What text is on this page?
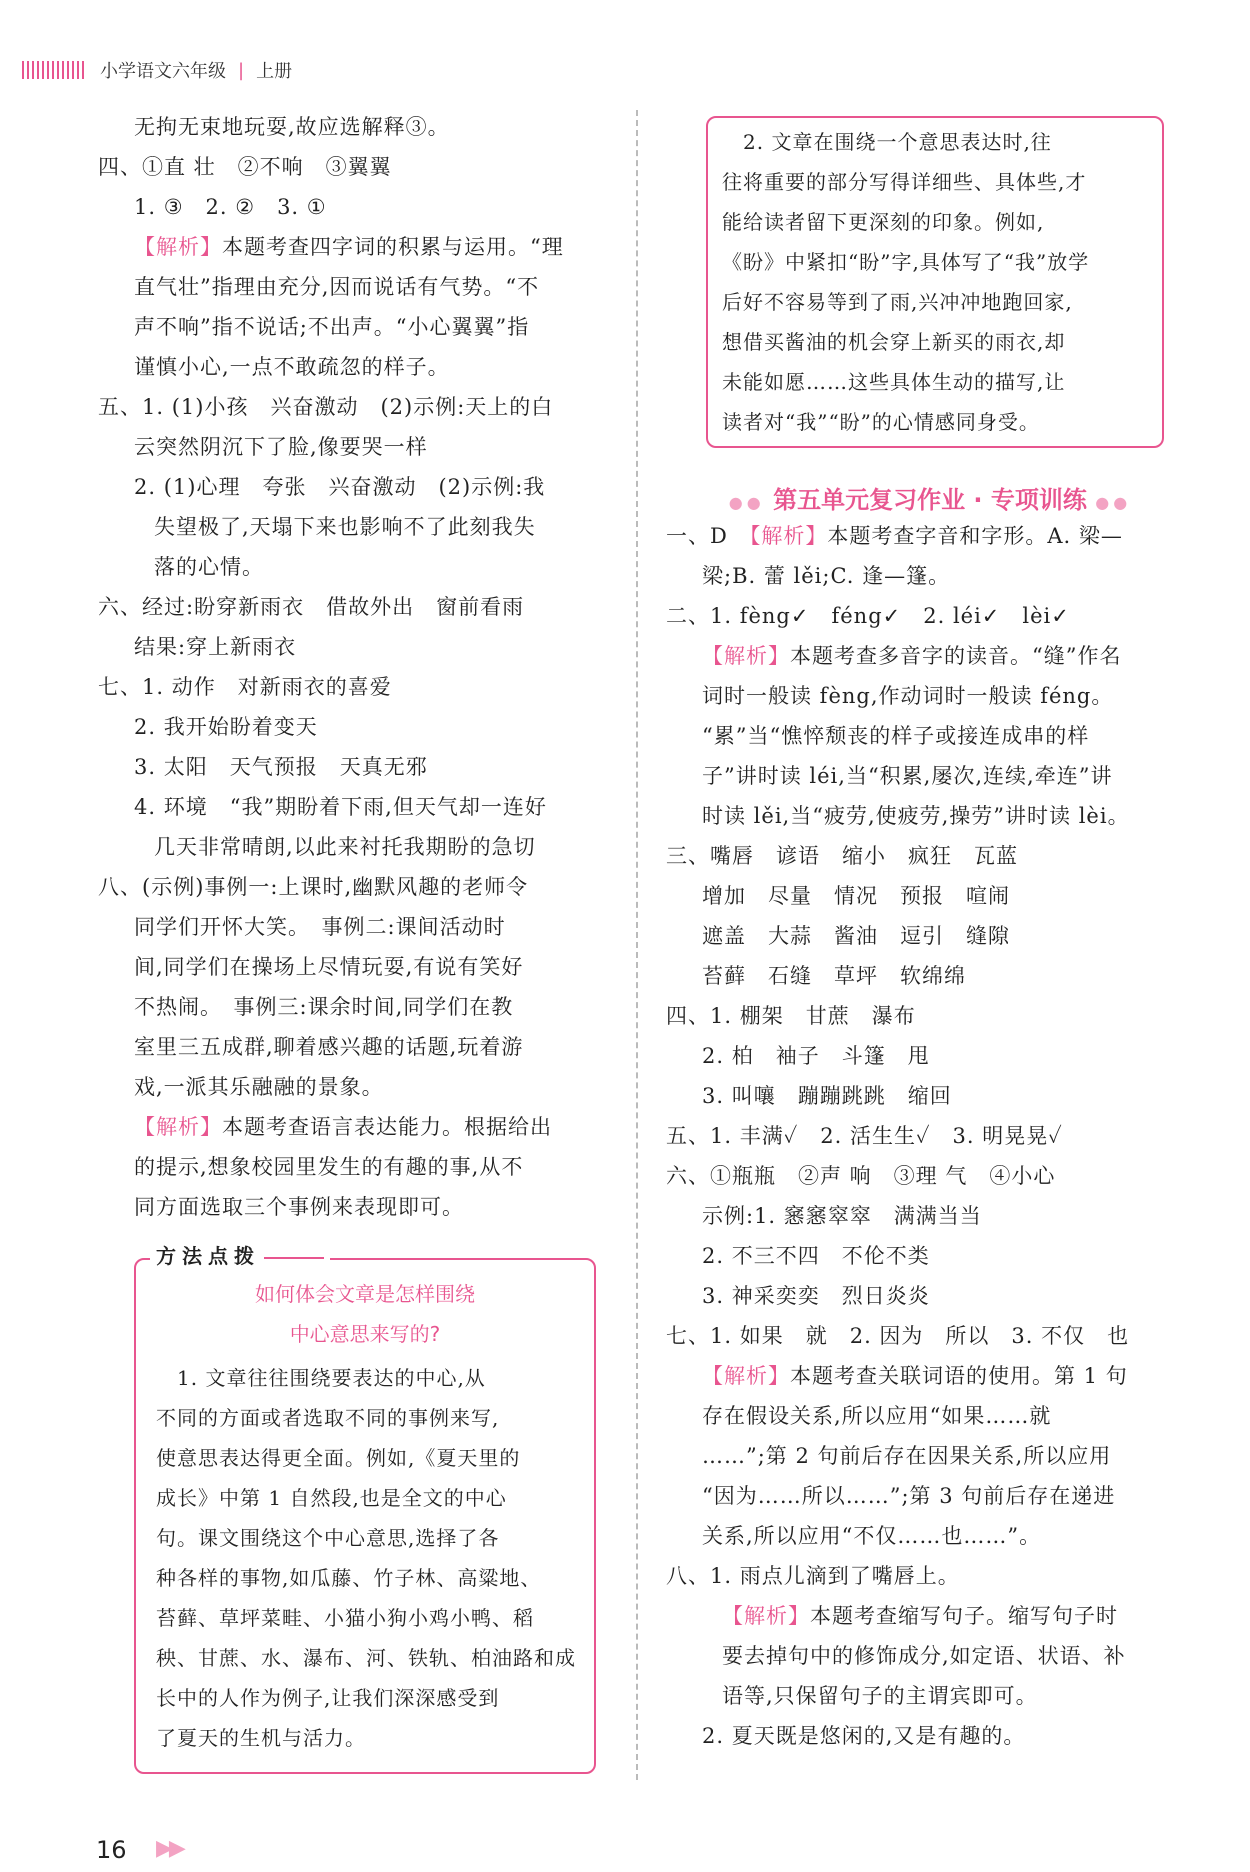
小学语文六年级 | 上册
无拘无束地玩耍,故应选解释③。
四、①直 壮　②不响　③翼翼
1. ③　2. ②　3. ①
【解析】本题考查四字词的积累与运用。“理
直气壮”指理由充分,因而说话有气势。“不
声不响”指不说话;不出声。“小心翼翼”指
谨慎小心,一点不敢疏忽的样子。
五、1. (1)小孩　兴奋激动　(2)示例:天上的白
云突然阴沉下了脸,像要哭一样
2. (1)心理　夸张　兴奋激动　(2)示例:我
失望极了,天塌下来也影响不了此刻我失
落的心情。
六、经过:盼穿新雨衣　借故外出　窗前看雨
结果:穿上新雨衣
七、1. 动作　对新雨衣的喜爱
2. 我开始盼着变天
3. 太阳　天气预报　天真无邪
4. 环境　“我”期盼着下雨,但天气却一连好
几天非常晴朗,以此来衬托我期盼的急切
八、(示例)事例一:上课时,幽默风趣的老师令
同学们开怀大笑。　事例二:课间活动时
间,同学们在操场上尽情玩耍,有说有笑好
不热闹。　事例三:课余时间,同学们在教
室里三五成群,聊着感兴趣的话题,玩着游
戏,一派其乐融融的景象。
【解析】本题考查语言表达能力。根据给出
的提示,想象校园里发生的有趣的事,从不
同方面选取三个事例来表现即可。
如何体会文章是怎样围绕
中心意思来写的?
　1. 文章往往围绕要表达的中心,从
不同的方面或者选取不同的事例来写,
使意思表达得更全面。例如,《夏天里的
成长》中第 1 自然段,也是全文的中心
句。课文围绕这个中心意思,选择了各
种各样的事物,如瓜藤、竹子林、高粱地、
苔藓、草坪菜畦、小猫小狗小鸡小鸭、稻
秧、甘蔗、水、瀑布、河、铁轨、柏油路和成
长中的人作为例子,让我们深深感受到
了夏天的生机与活力。
方法点拨
　2. 文章在围绕一个意思表达时,往
往将重要的部分写得详细些、具体些,才
能给读者留下更深刻的印象。例如,
《盼》中紧扣“盼”字,具体写了“我”放学
后好不容易等到了雨,兴冲冲地跑回家,
想借买酱油的机会穿上新买的雨衣,却
未能如愿……这些具体生动的描写,让
读者对“我”“盼”的心情感同身受。
●● 第五单元复习作业 · 专项训练 ●●
一、D　【解析】本题考查字音和字形。A. 梁—
梁;B. 蕾 lěi;C. 逢—篷。
二、1. fèng✓　féng✓　2. léi✓　lèi✓
【解析】本题考查多音字的读音。“缝”作名
词时一般读 fèng,作动词时一般读 féng。
“累”当“憔悴颓丧的样子或接连成串的样
子”讲时读 léi,当“积累,屡次,连续,牵连”讲
时读 lěi,当“疲劳,使疲劳,操劳”讲时读 lèi。
三、嘴唇　谚语　缩小　疯狂　瓦蓝
增加　尽量　情况　预报　喧闹
遮盖　大蒜　酱油　逗引　缝隙
苔藓　石缝　草坪　软绵绵
四、1. 棚架　甘蔗　瀑布
2. 柏　袖子　斗篷　甩
3. 叫嚷　蹦蹦跳跳　缩回
五、1. 丰满✓　2. 活生生✓　3. 明晃晃✓
六、①瓶瓶　②声 响　③理 气　④小心
示例:1. 窸窸窣窣　满满当当
2. 不三不四　不伦不类
3. 神采奕奕　烈日炎炎
七、1. 如果　就　2. 因为　所以　3. 不仅　也
【解析】本题考查关联词语的使用。第 1 句
存在假设关系,所以应用“如果……就
……”;第 2 句前后存在因果关系,所以应用
“因为……所以……”;第 3 句前后存在递进
关系,所以应用“不仅……也……”。
八、1. 雨点儿滴到了嘴唇上。
【解析】本题考查缩写句子。缩写句子时
要去掉句中的修饰成分,如定语、状语、补
语等,只保留句子的主谓宾即可。
2. 夏天既是悠闲的,又是有趣的。
16 ▶▶
